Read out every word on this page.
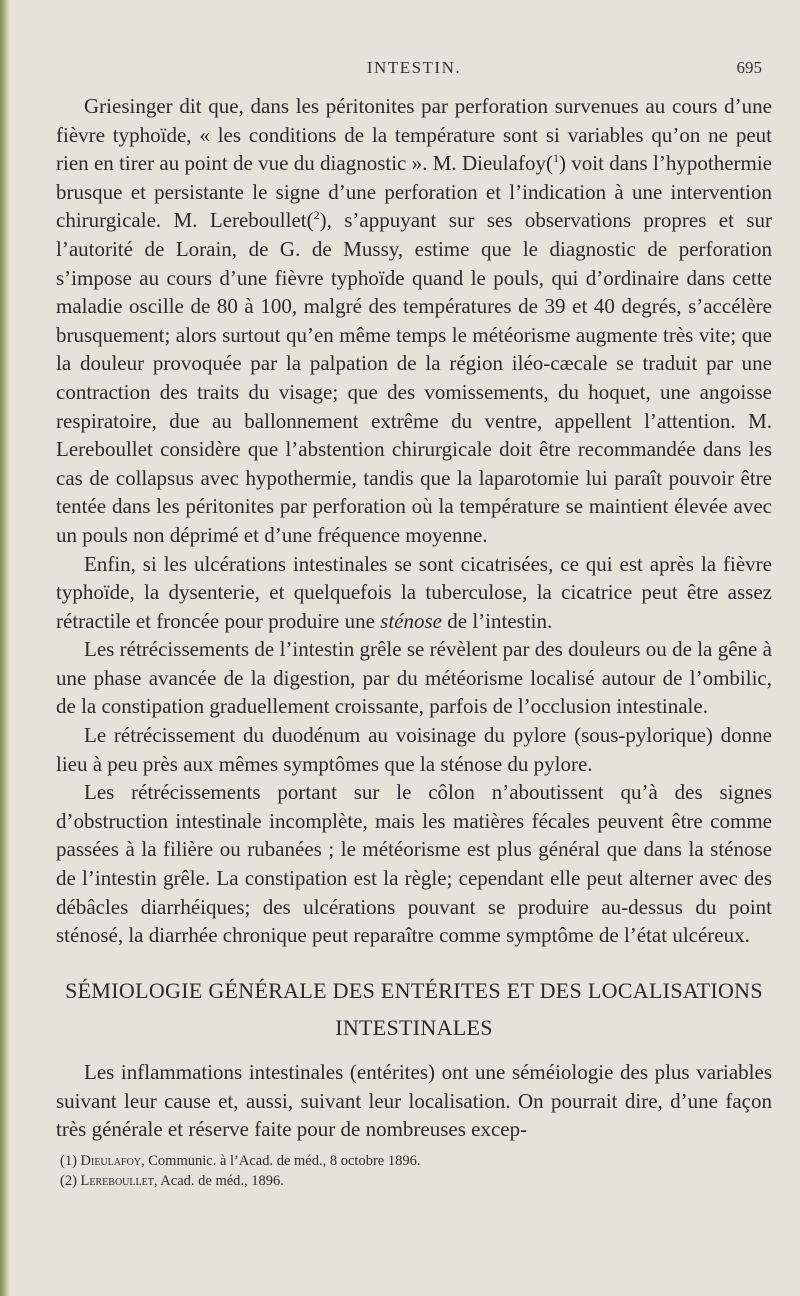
INTESTIN.	695

Griesinger dit que, dans les péritonites par perforation survenues au cours d’une fièvre typhoïde, « les conditions de la température sont si variables qu’on ne peut rien en tirer au point de vue du diagnostic ». M. Dieulafoy($^1$) voit dans l’hypothermie brusque et persistante le signe d’une perforation et l’indication à une intervention chirurgicale. M. Lereboullet($^2$), s’appuyant sur ses observations propres et sur l’autorité de Lorain, de G. de Mussy, estime que le diagnostic de perforation s’impose au cours d’une fièvre typhoïde quand le pouls, qui d’ordinaire dans cette maladie oscille de 80 à 100, malgré des températures de 39 et 40 degrés, s’accélère brusquement; alors surtout qu’en même temps le météorisme augmente très vite; que la douleur provoquée par la palpation de la région iléo-cæcale se traduit par une contraction des traits du visage; que des vomissements, du hoquet, une angoisse respiratoire, due au ballonnement extrême du ventre, appellent l’attention. M. Lereboullet considère que l’abstention chirurgicale doit être recommandée dans les cas de collapsus avec hypothermie, tandis que la laparotomie lui paraît pouvoir être tentée dans les péritonites par perforation où la température se maintient élevée avec un pouls non déprimé et d’une fréquence moyenne.

Enfin, si les ulcérations intestinales se sont cicatrisées, ce qui est après la fièvre typhoïde, la dysenterie, et quelquefois la tuberculose, la cicatrice peut être assez rétractile et froncée pour produire une sténose de l’intestin.

Les rétrécissements de l’intestin grêle se révèlent par des douleurs ou de la gêne à une phase avancée de la digestion, par du météorisme localisé autour de l’ombilic, de la constipation graduellement croissante, parfois de l’occlusion intestinale.

Le rétrécissement du duodénum au voisinage du pylore (sous-pylorique) donne lieu à peu près aux mêmes symptômes que la sténose du pylore.

Les rétrécissements portant sur le côlon n’aboutissent qu’à des signes d’obstruction intestinale incomplète, mais les matières fécales peuvent être comme passées à la filière ou rubanées ; le météorisme est plus général que dans la sténose de l’intestin grêle. La constipation est la règle; cependant elle peut alterner avec des débâcles diarrhéiques; des ulcérations pouvant se produire au-dessus du point sténosé, la diarrhée chronique peut reparaître comme symptôme de l’état ulcéreux.

SÉMIOLOGIE GÉNÉRALE DES ENTÉRITES ET DES LOCALISATIONS
INTESTINALES

Les inflammations intestinales (entérites) ont une séméiologie des plus variables suivant leur cause et, aussi, suivant leur localisation. On pourrait dire, d’une façon très générale et réserve faite pour de nombreuses excep-

(1) Dieulafoy, Communic. à l’Acad. de méd., 8 octobre 1896.
(2) Lereboullet, Acad. de méd., 1896.
